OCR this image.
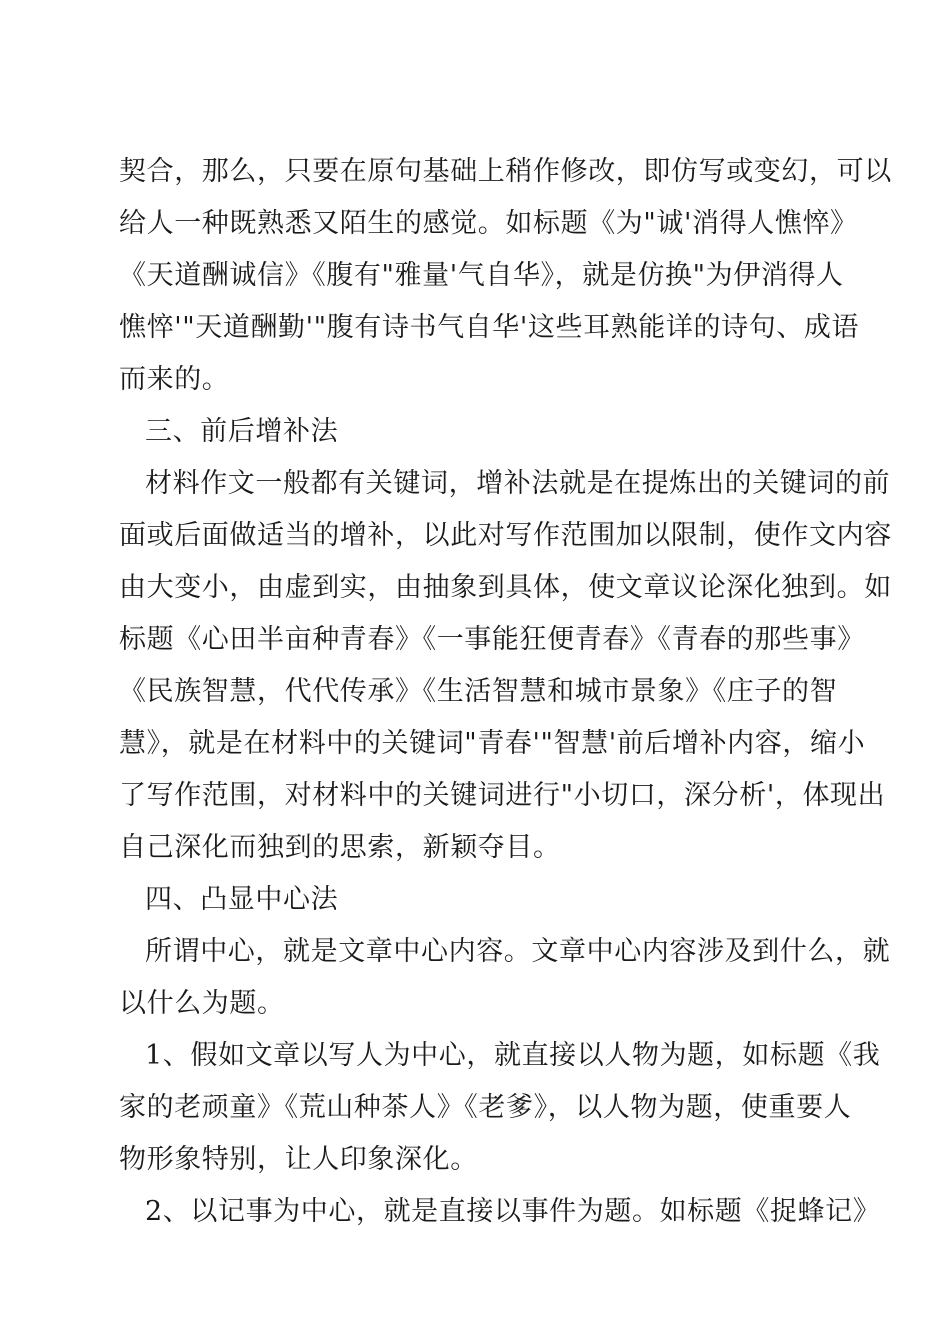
契合，那么，只要在原句基础上稍作修改，即仿写或变幻，可以
给人一种既熟悉又陌生的感觉。如标题《为"诚'消得人憔悴》
《天道酬诚信》《腹有"雅量'气自华》，就是仿换"为伊消得人
憔悴'"天道酬勤'"腹有诗书气自华'这些耳熟能详的诗句、成语
而来的。
三、前后增补法
材料作文一般都有关键词，增补法就是在提炼出的关键词的前
面或后面做适当的增补，以此对写作范围加以限制，使作文内容
由大变小，由虚到实，由抽象到具体，使文章议论深化独到。如
标题《心田半亩种青春》《一事能狂便青春》《青春的那些事》
《民族智慧，代代传承》《生活智慧和城市景象》《庄子的智
慧》，就是在材料中的关键词"青春'"智慧'前后增补内容，缩小
了写作范围，对材料中的关键词进行"小切口，深分析'，体现出
自己深化而独到的思索，新颖夺目。
四、凸显中心法
所谓中心，就是文章中心内容。文章中心内容涉及到什么，就
以什么为题。
1、假如文章以写人为中心，就直接以人物为题，如标题《我
家的老顽童》《荒山种茶人》《老爹》，以人物为题，使重要人
物形象特别，让人印象深化。
2、以记事为中心，就是直接以事件为题。如标题《捉蜂记》
